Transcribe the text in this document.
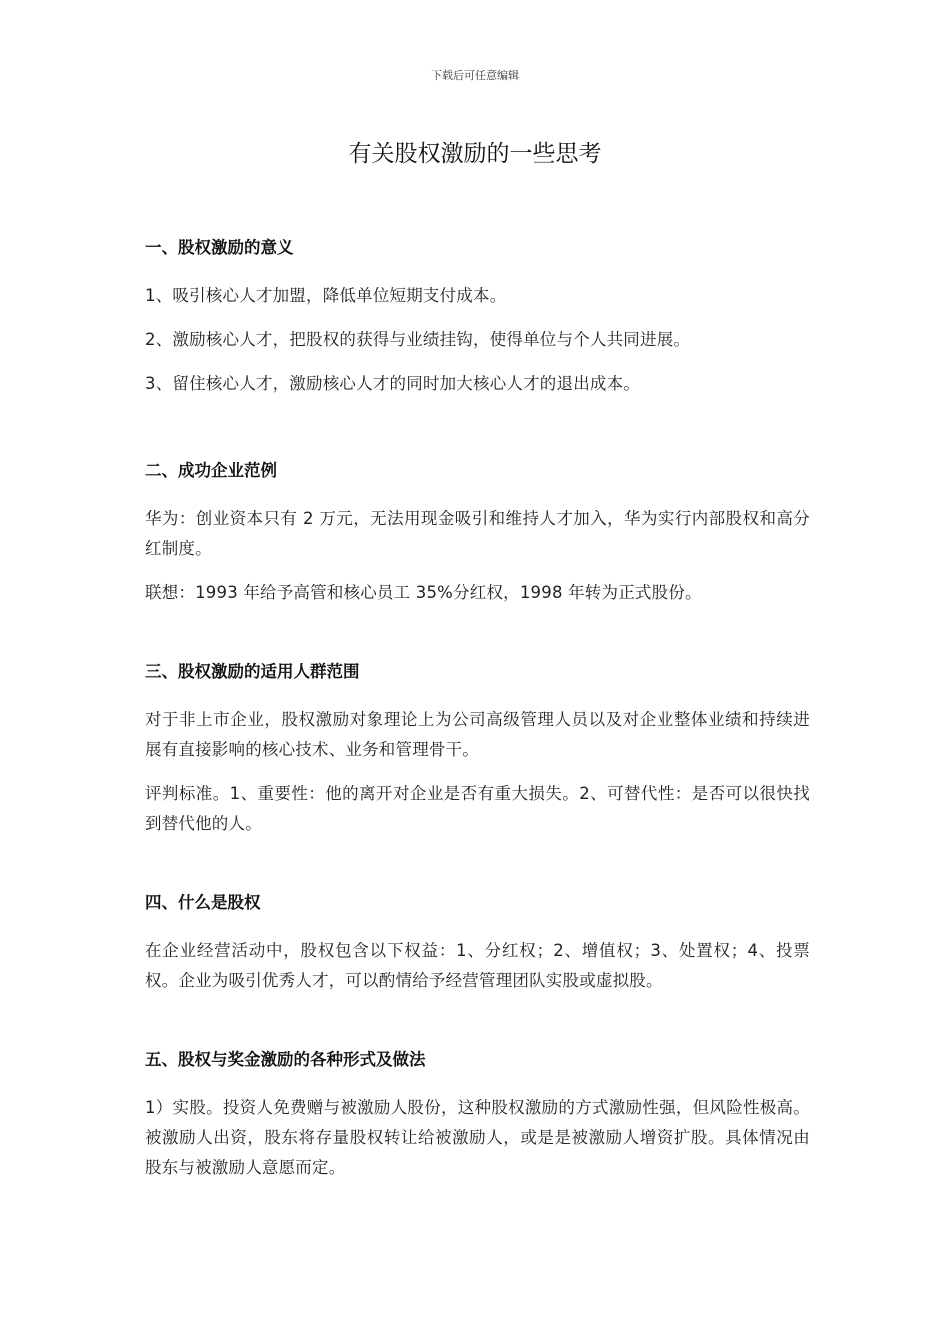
下载后可任意编辑
有关股权激励的一些思考
一、股权激励的意义

1、吸引核心人才加盟，降低单位短期支付成本。

2、激励核心人才，把股权的获得与业绩挂钩，使得单位与个人共同进展。

3、留住核心人才，激励核心人才的同时加大核心人才的退出成本。

二、成功企业范例

华为：创业资本只有 2 万元，无法用现金吸引和维持人才加入，华为实行内部股权和高分红制度。

联想：1993 年给予高管和核心员工 35%分红权，1998 年转为正式股份。

三、股权激励的适用人群范围

对于非上市企业，股权激励对象理论上为公司高级管理人员以及对企业整体业绩和持续进展有直接影响的核心技术、业务和管理骨干。

评判标准。1、重要性：他的离开对企业是否有重大损失。2、可替代性：是否可以很快找到替代他的人。

四、什么是股权

在企业经营活动中，股权包含以下权益：1、分红权；2、增值权；3、处置权；4、投票权。企业为吸引优秀人才，可以酌情给予经营管理团队实股或虚拟股。

五、股权与奖金激励的各种形式及做法

1）实股。投资人免费赠与被激励人股份，这种股权激励的方式激励性强，但风险性极高。被激励人出资，股东将存量股权转让给被激励人，或是是被激励人增资扩股。具体情况由股东与被激励人意愿而定。
